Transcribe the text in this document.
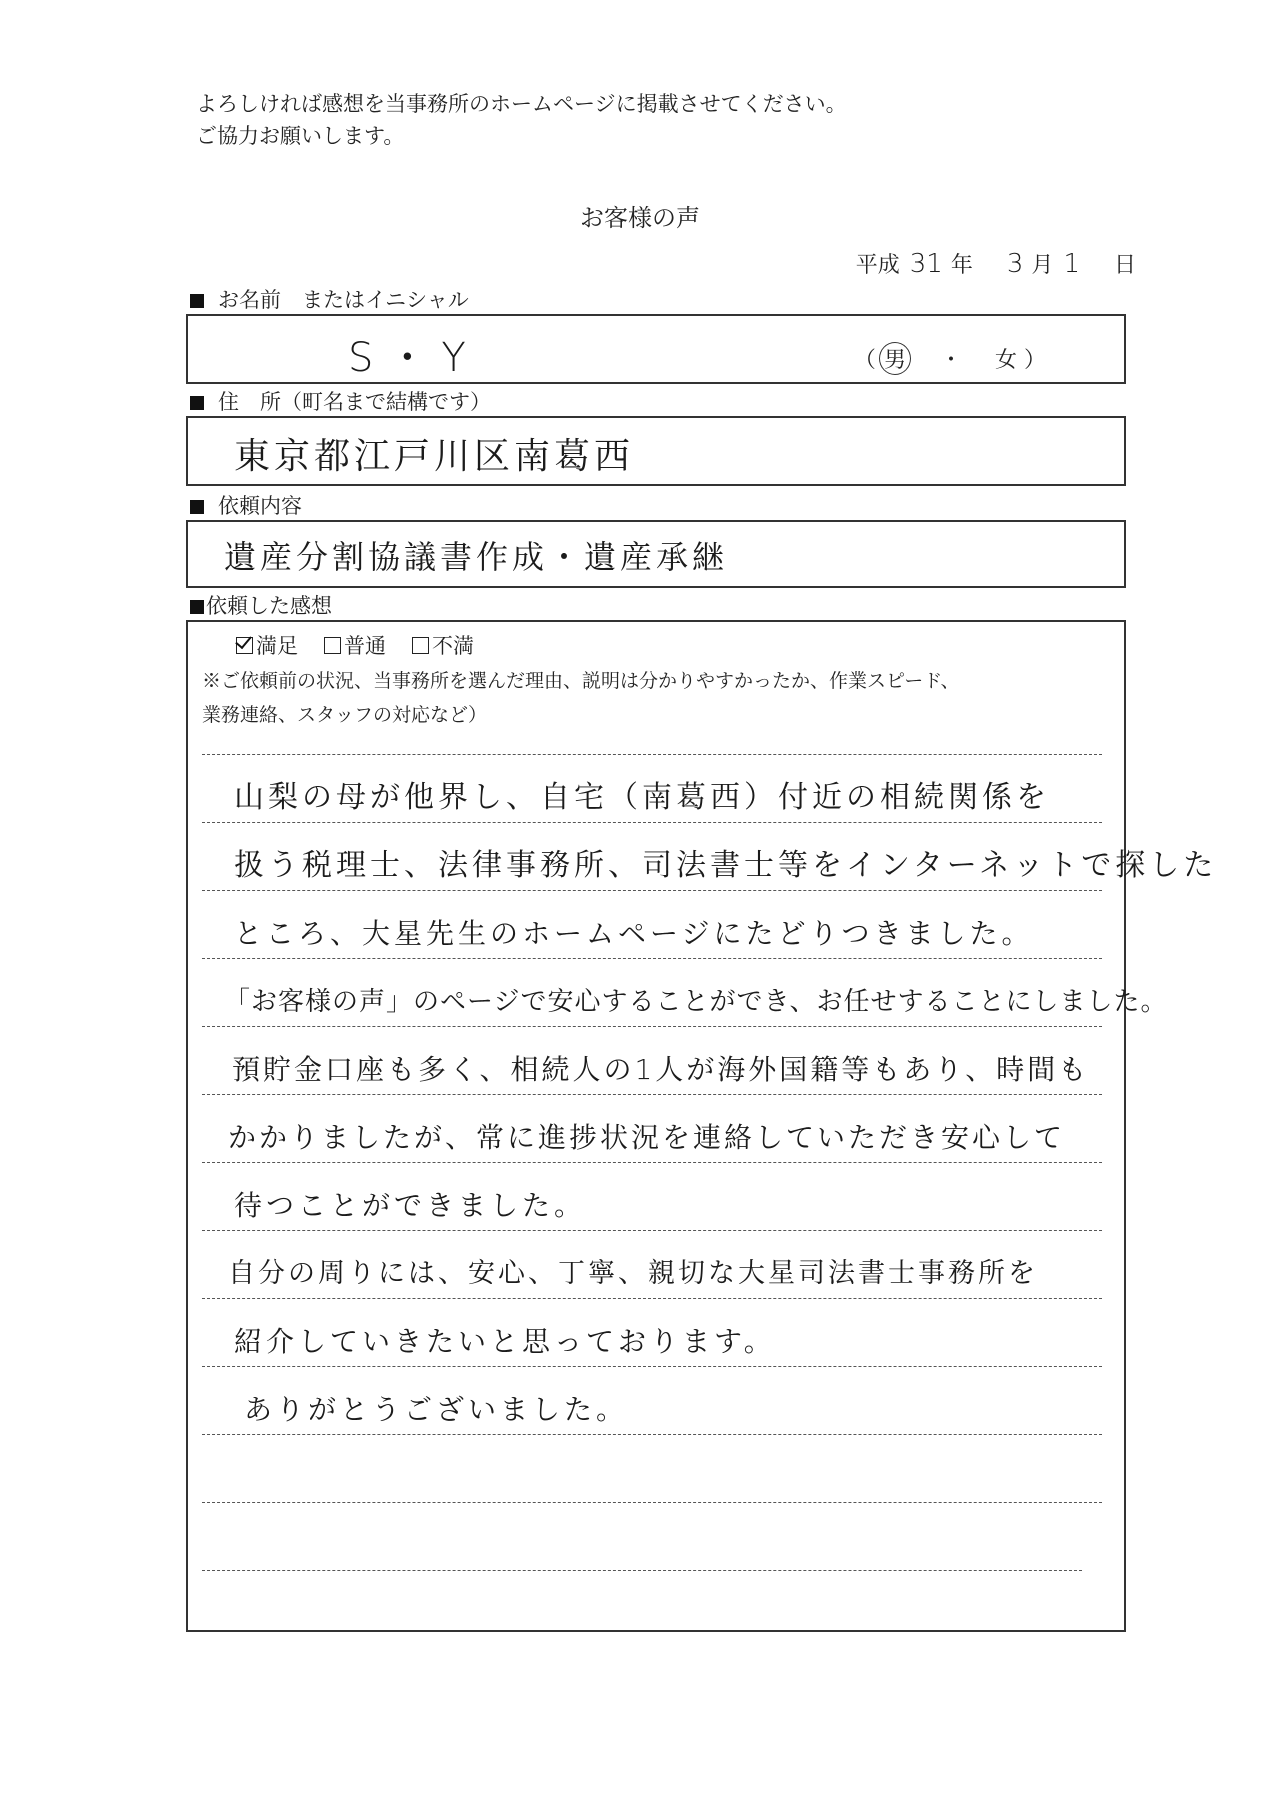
よろしければ感想を当事務所のホームページに掲載させてください。
ご協力お願いします。
お客様の声
平成 31 年 3 月 1 日
お名前　またはイニシャル
S・Y	（ 男 ・ 女 ）
住　所（町名まで結構です）
東京都江戸川区南葛西
依頼内容
遺産分割協議書作成・遺産承継
依頼した感想
満足	普通	不満
※ご依頼前の状況、当事務所を選んだ理由、説明は分かりやすかったか、作業スピード、
業務連絡、スタッフの対応など）
山梨の母が他界し、自宅（南葛西）付近の相続関係を
扱う税理士、法律事務所、司法書士等をインターネットで探した
ところ、大星先生のホームページにたどりつきました。
「お客様の声」のページで安心することができ、お任せすることにしました。
預貯金口座も多く、相続人の1人が海外国籍等もあり、時間も
かかりましたが、常に進捗状況を連絡していただき安心して
待つことができました。
自分の周りには、安心、丁寧、親切な大星司法書士事務所を
紹介していきたいと思っております。
ありがとうございました。
